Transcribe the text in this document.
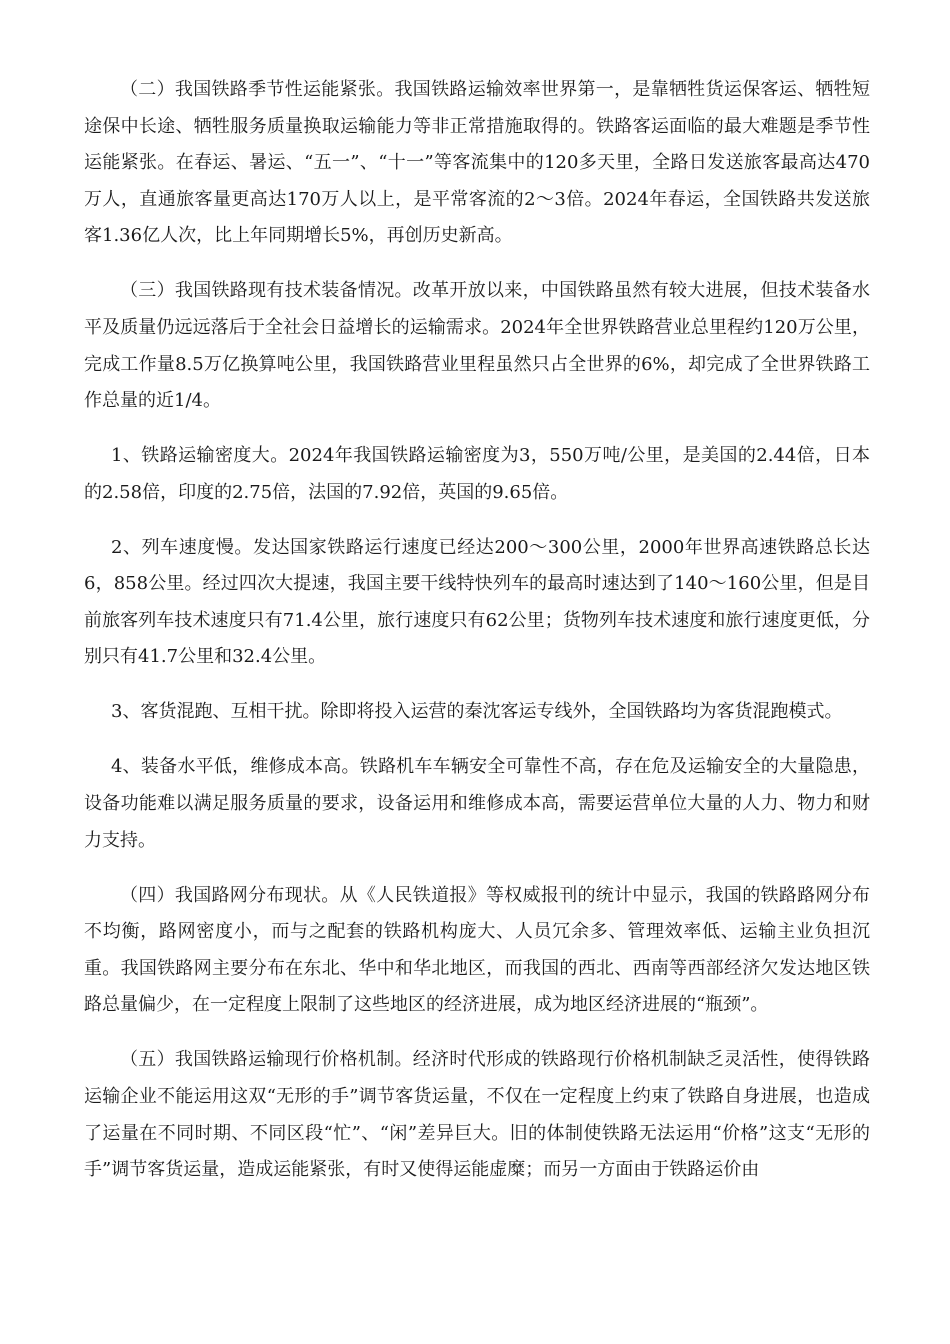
（二）我国铁路季节性运能紧张。我国铁路运输效率世界第一，是靠牺牲货运保客运、牺牲短途保中长途、牺牲服务质量换取运输能力等非正常措施取得的。铁路客运面临的最大难题是季节性运能紧张。在春运、暑运、“五一”、“十一”等客流集中的120多天里，全路日发送旅客最高达470万人，直通旅客量更高达170万人以上，是平常客流的2～3倍。2024年春运，全国铁路共发送旅客1.36亿人次，比上年同期增长5%，再创历史新高。

（三）我国铁路现有技术装备情况。改革开放以来，中国铁路虽然有较大进展，但技术装备水平及质量仍远远落后于全社会日益增长的运输需求。2024年全世界铁路营业总里程约120万公里，完成工作量8.5万亿换算吨公里，我国铁路营业里程虽然只占全世界的6%，却完成了全世界铁路工作总量的近1/4。

1、铁路运输密度大。2024年我国铁路运输密度为3，550万吨/公里，是美国的2.44倍，日本的2.58倍，印度的2.75倍，法国的7.92倍，英国的9.65倍。

2、列车速度慢。发达国家铁路运行速度已经达200～300公里，2000年世界高速铁路总长达6，858公里。经过四次大提速，我国主要干线特快列车的最高时速达到了140～160公里，但是目前旅客列车技术速度只有71.4公里，旅行速度只有62公里；货物列车技术速度和旅行速度更低，分别只有41.7公里和32.4公里。

3、客货混跑、互相干扰。除即将投入运营的秦沈客运专线外，全国铁路均为客货混跑模式。

4、装备水平低，维修成本高。铁路机车车辆安全可靠性不高，存在危及运输安全的大量隐患，设备功能难以满足服务质量的要求，设备运用和维修成本高，需要运营单位大量的人力、物力和财力支持。

（四）我国路网分布现状。从《人民铁道报》等权威报刊的统计中显示，我国的铁路路网分布不均衡，路网密度小，而与之配套的铁路机构庞大、人员冗余多、管理效率低、运输主业负担沉重。我国铁路网主要分布在东北、华中和华北地区，而我国的西北、西南等西部经济欠发达地区铁路总量偏少，在一定程度上限制了这些地区的经济进展，成为地区经济进展的“瓶颈”。

（五）我国铁路运输现行价格机制。经济时代形成的铁路现行价格机制缺乏灵活性，使得铁路运输企业不能运用这双“无形的手”调节客货运量，不仅在一定程度上约束了铁路自身进展，也造成了运量在不同时期、不同区段“忙”、“闲”差异巨大。旧的体制使铁路无法运用“价格”这支“无形的手”调节客货运量，造成运能紧张，有时又使得运能虚糜；而另一方面由于铁路运价由
